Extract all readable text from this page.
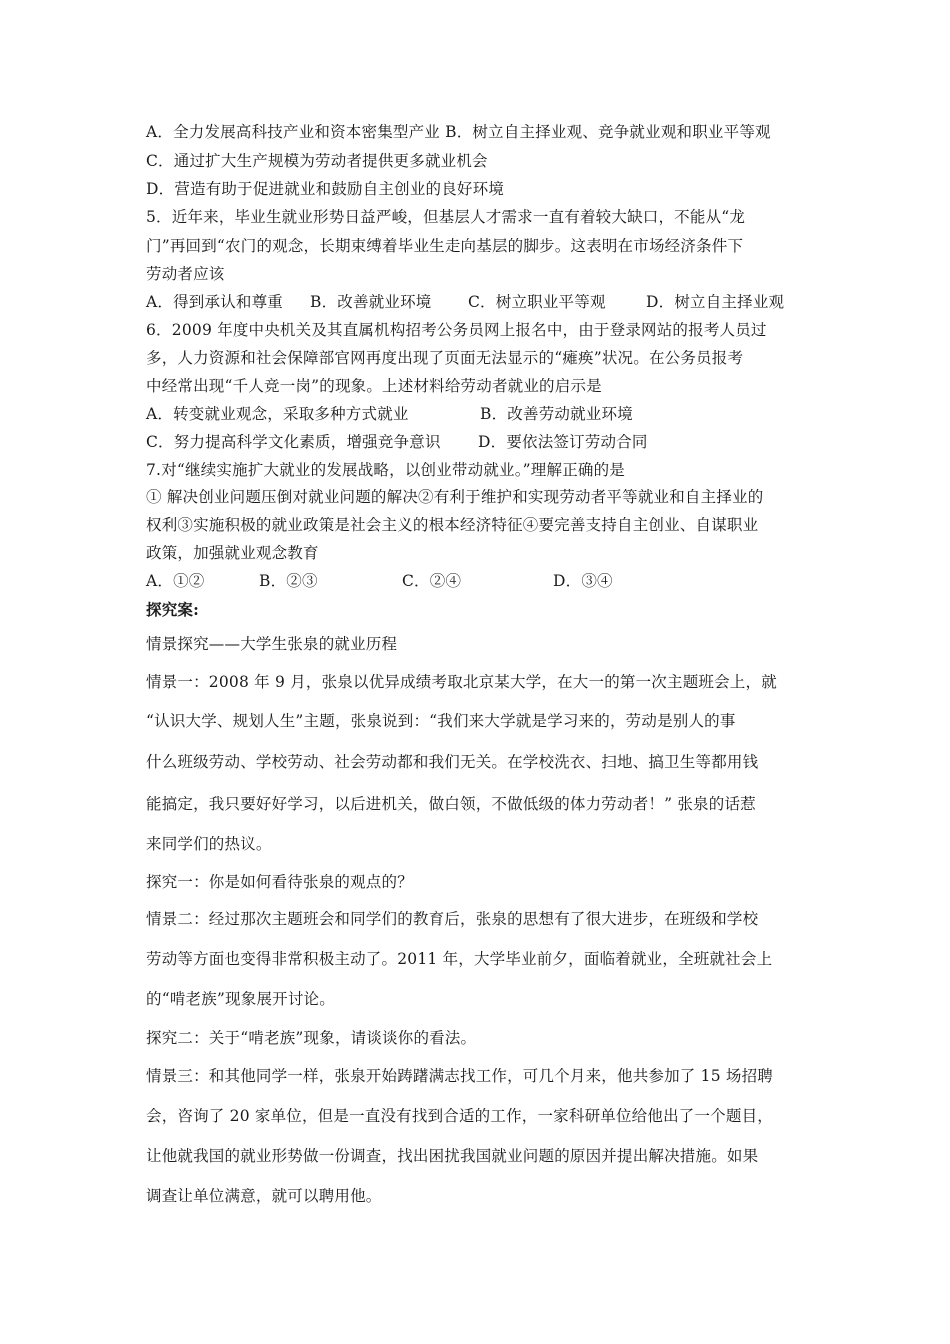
A．全力发展高科技产业和资本密集型产业 B．树立自主择业观、竞争就业观和职业平等观
C．通过扩大生产规模为劳动者提供更多就业机会
D．营造有助于促进就业和鼓励自主创业的良好环境
5．近年来，毕业生就业形势日益严峻，但基层人才需求一直有着较大缺口，不能从“龙
门”再回到“农门的观念，长期束缚着毕业生走向基层的脚步。这表明在市场经济条件下
劳动者应该
A．得到承认和尊重 B．改善就业环境 C．树立职业平等观	D．树立自主择业观
6．2009 年度中央机关及其直属机构招考公务员网上报名中，由于登录网站的报考人员过
多，人力资源和社会保障部官网再度出现了页面无法显示的“瘫痪”状况。在公务员报考
中经常出现“千人竞一岗”的现象。上述材料给劳动者就业的启示是
A．转变就业观念，采取多种方式就业	B．改善劳动就业环境
C．努力提高科学文化素质，增强竞争意识 D．要依法签订劳动合同
7.对“继续实施扩大就业的发展战略，以创业带动就业。”理解正确的是
① 解决创业问题压倒对就业问题的解决②有利于维护和实现劳动者平等就业和自主择业的
权利③实施积极的就业政策是社会主义的根本经济特征④要完善支持自主创业、自谋职业
政策，加强就业观念教育
A．①②	B．②③	C．②④	D．③④
探究案:
情景探究——大学生张泉的就业历程
情景一：2008 年 9 月，张泉以优异成绩考取北京某大学，在大一的第一次主题班会上，就
“认识大学、规划人生”主题，张泉说到：“我们来大学就是学习来的，劳动是别人的事
什么班级劳动、学校劳动、社会劳动都和我们无关。在学校洗衣、扫地、搞卫生等都用钱
能搞定，我只要好好学习，以后进机关，做白领，不做低级的体力劳动者！” 张泉的话惹
来同学们的热议。
探究一：你是如何看待张泉的观点的？
情景二：经过那次主题班会和同学们的教育后，张泉的思想有了很大进步，在班级和学校
劳动等方面也变得非常积极主动了。2011 年，大学毕业前夕，面临着就业，全班就社会上
的“啃老族”现象展开讨论。
探究二：关于“啃老族”现象，请谈谈你的看法。
情景三：和其他同学一样，张泉开始踌躇满志找工作，可几个月来，他共参加了 15 场招聘
会，咨询了 20 家单位，但是一直没有找到合适的工作，一家科研单位给他出了一个题目，
让他就我国的就业形势做一份调查，找出困扰我国就业问题的原因并提出解决措施。如果
调查让单位满意，就可以聘用他。
